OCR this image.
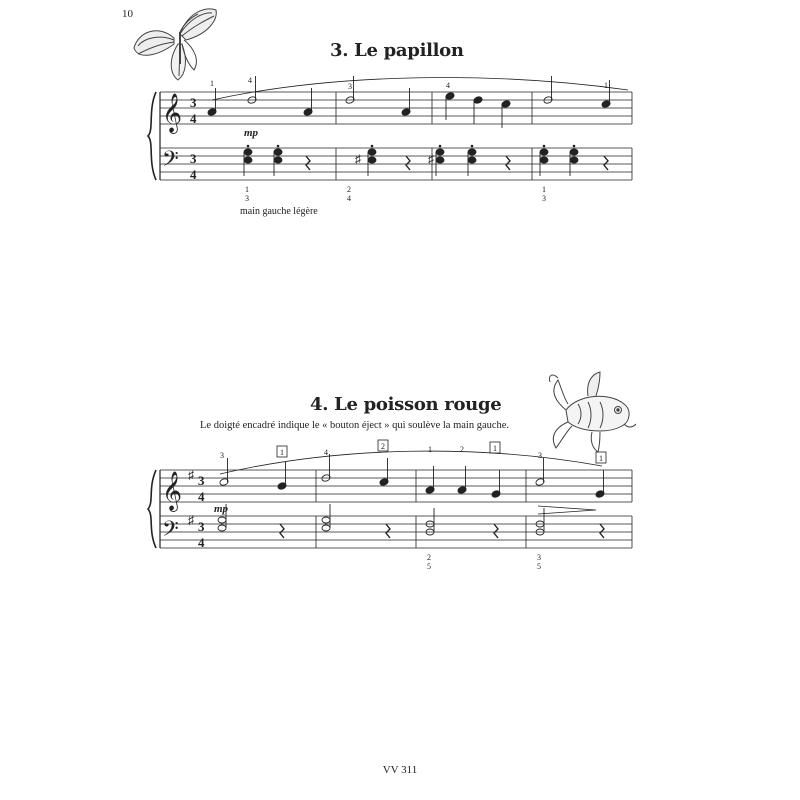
10
3. Le papillon
𝄞
𝄢
3
4
3
4
♯	♯
mp
1	4
3	4	1
1
3
2
4
1
3
main gauche légère
4. Le poisson rouge
Le doigté encadré indique le « bouton éject » qui soulève la main gauche.
𝄞
𝄢
♯
♯
3
4
3
4
mp
3	1	4
2	1	2	1
3	1
2
5
3
5
VV 311
